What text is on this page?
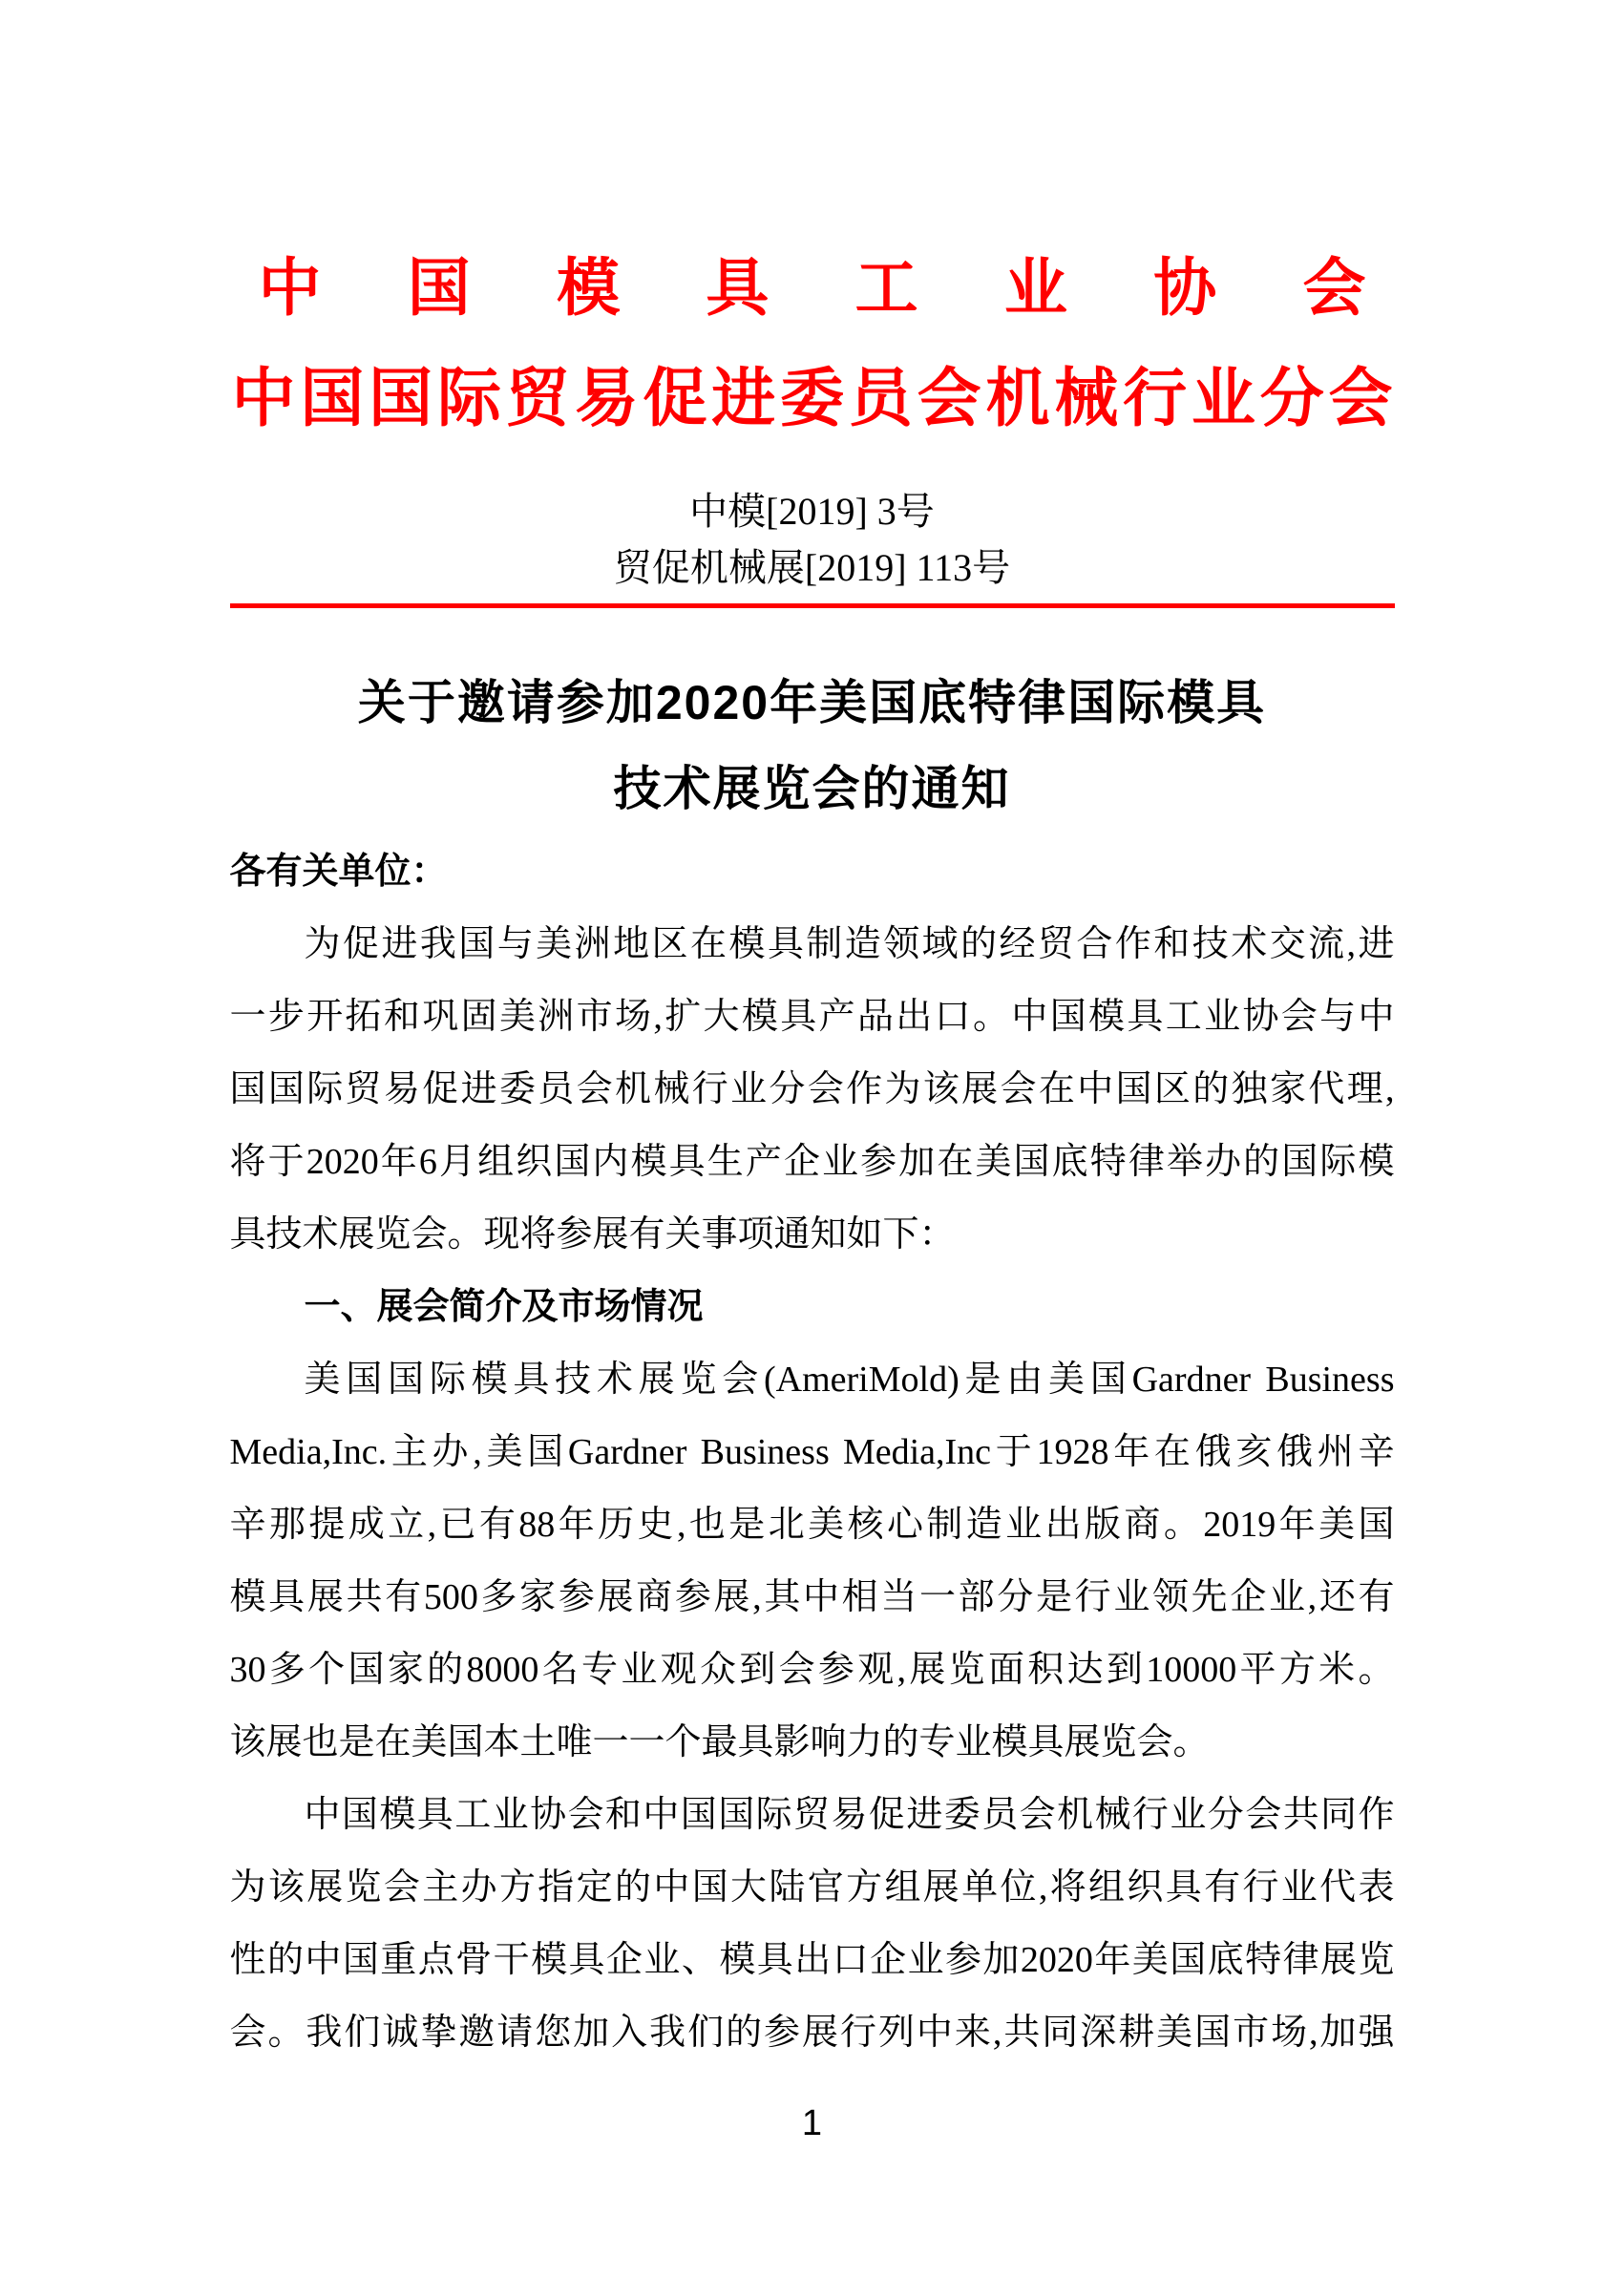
中 国 模 具 工 业 协 会
中 国 国 际 贸 易 促 进 委 员 会 机 械 行 业 分 会
中模[2019] 3号
贸促机械展[2019] 113号
关于邀请参加2020年美国底特律国际模具
技术展览会的通知
各有关单位：
为促进我国与美洲地区在模具制造领域的经贸合作和技术交流,进
一步开拓和巩固美洲市场,扩大模具产品出口。中国模具工业协会与中
国国际贸易促进委员会机械行业分会作为该展会在中国区的独家代理,
将于2020年6月组织国内模具生产企业参加在美国底特律举办的国际模
具技术展览会。现将参展有关事项通知如下：
一、展会简介及市场情况
美国国际模具技术展览会(AmeriMold)是由美国Gardner Business
Media,Inc.主办,美国Gardner Business Media,Inc于1928年在俄亥俄州辛
辛那提成立,已有88年历史,也是北美核心制造业出版商。2019年美国
模具展共有500多家参展商参展,其中相当一部分是行业领先企业,还有
30多个国家的8000名专业观众到会参观,展览面积达到10000平方米。
该展也是在美国本土唯一一个最具影响力的专业模具展览会。
中国模具工业协会和中国国际贸易促进委员会机械行业分会共同作
为该展览会主办方指定的中国大陆官方组展单位,将组织具有行业代表
性的中国重点骨干模具企业、模具出口企业参加2020年美国底特律展览
会。我们诚挚邀请您加入我们的参展行列中来,共同深耕美国市场,加强
1
